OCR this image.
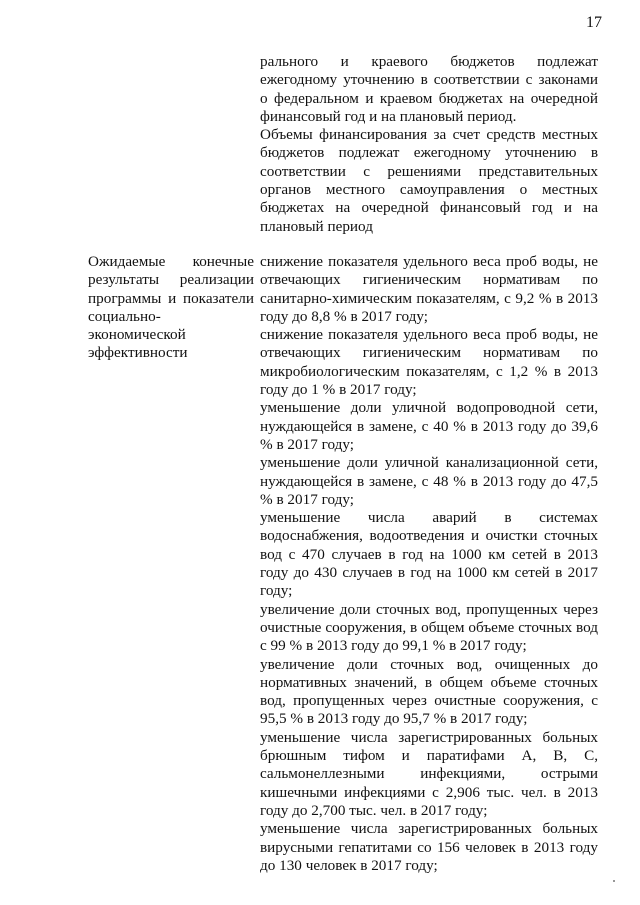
17

рального и краевого бюджетов подлежат ежегодному уточнению в соответствии с законами о федеральном и краевом бюджетах на очередной финансовый год и на плановый период.

Объемы финансирования за счет средств местных бюджетов подлежат ежегодному уточнению в соответствии с решениями представительных органов местного самоуправления о местных бюджетах на очередной финансовый год и на плановый период

Ожидаемые конечные результаты реализации программы и показатели социально-экономической эффективности

снижение показателя удельного веса проб воды, не отвечающих гигиеническим нормативам по санитарно-химическим показателям, с 9,2 % в 2013 году до 8,8 % в 2017 году;

снижение показателя удельного веса проб воды, не отвечающих гигиеническим нормативам по микробиологическим показателям, с 1,2 % в 2013 году до 1 % в 2017 году;

уменьшение доли уличной водопроводной сети, нуждающейся в замене, с 40 % в 2013 году до 39,6 % в 2017 году;

уменьшение доли уличной канализационной сети, нуждающейся в замене, с 48 % в 2013 году до 47,5 % в 2017 году;

уменьшение числа аварий в системах водоснабжения, водоотведения и очистки сточных вод с 470 случаев в год на 1000 км сетей в 2013 году до 430 случаев в год на 1000 км сетей в 2017 году;

увеличение доли сточных вод, пропущенных через очистные сооружения, в общем объеме сточных вод с 99 % в 2013 году до 99,1 % в 2017 году;

увеличение доли сточных вод, очищенных до нормативных значений, в общем объеме сточных вод, пропущенных через очистные сооружения, с 95,5 % в 2013 году до 95,7 % в 2017 году;

уменьшение числа зарегистрированных больных брюшным тифом и паратифами А, В, С, сальмонеллезными инфекциями, острыми кишечными инфекциями с 2,906 тыс. чел. в 2013 году до 2,700 тыс. чел. в 2017 году;

уменьшение числа зарегистрированных больных вирусными гепатитами со 156 человек в 2013 году до 130 человек в 2017 году;
